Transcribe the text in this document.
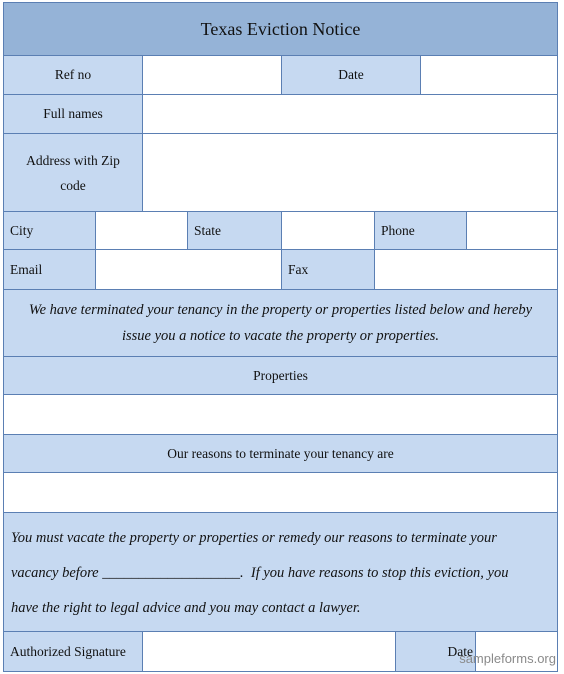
Texas Eviction Notice
Ref no	Date
Full names
Address with Zip
code
City	State	Phone
Email	Fax
We have terminated your tenancy in the property or properties listed below and hereby
issue you a notice to vacate the property or properties.
Properties
Our reasons to terminate your tenancy are
You must vacate the property or properties or remedy our reasons to terminate your
vacancy before ___________________.  If you have reasons to stop this eviction, you
have the right to legal advice and you may contact a lawyer.
Authorized Signature	Date
sampleforms.org
